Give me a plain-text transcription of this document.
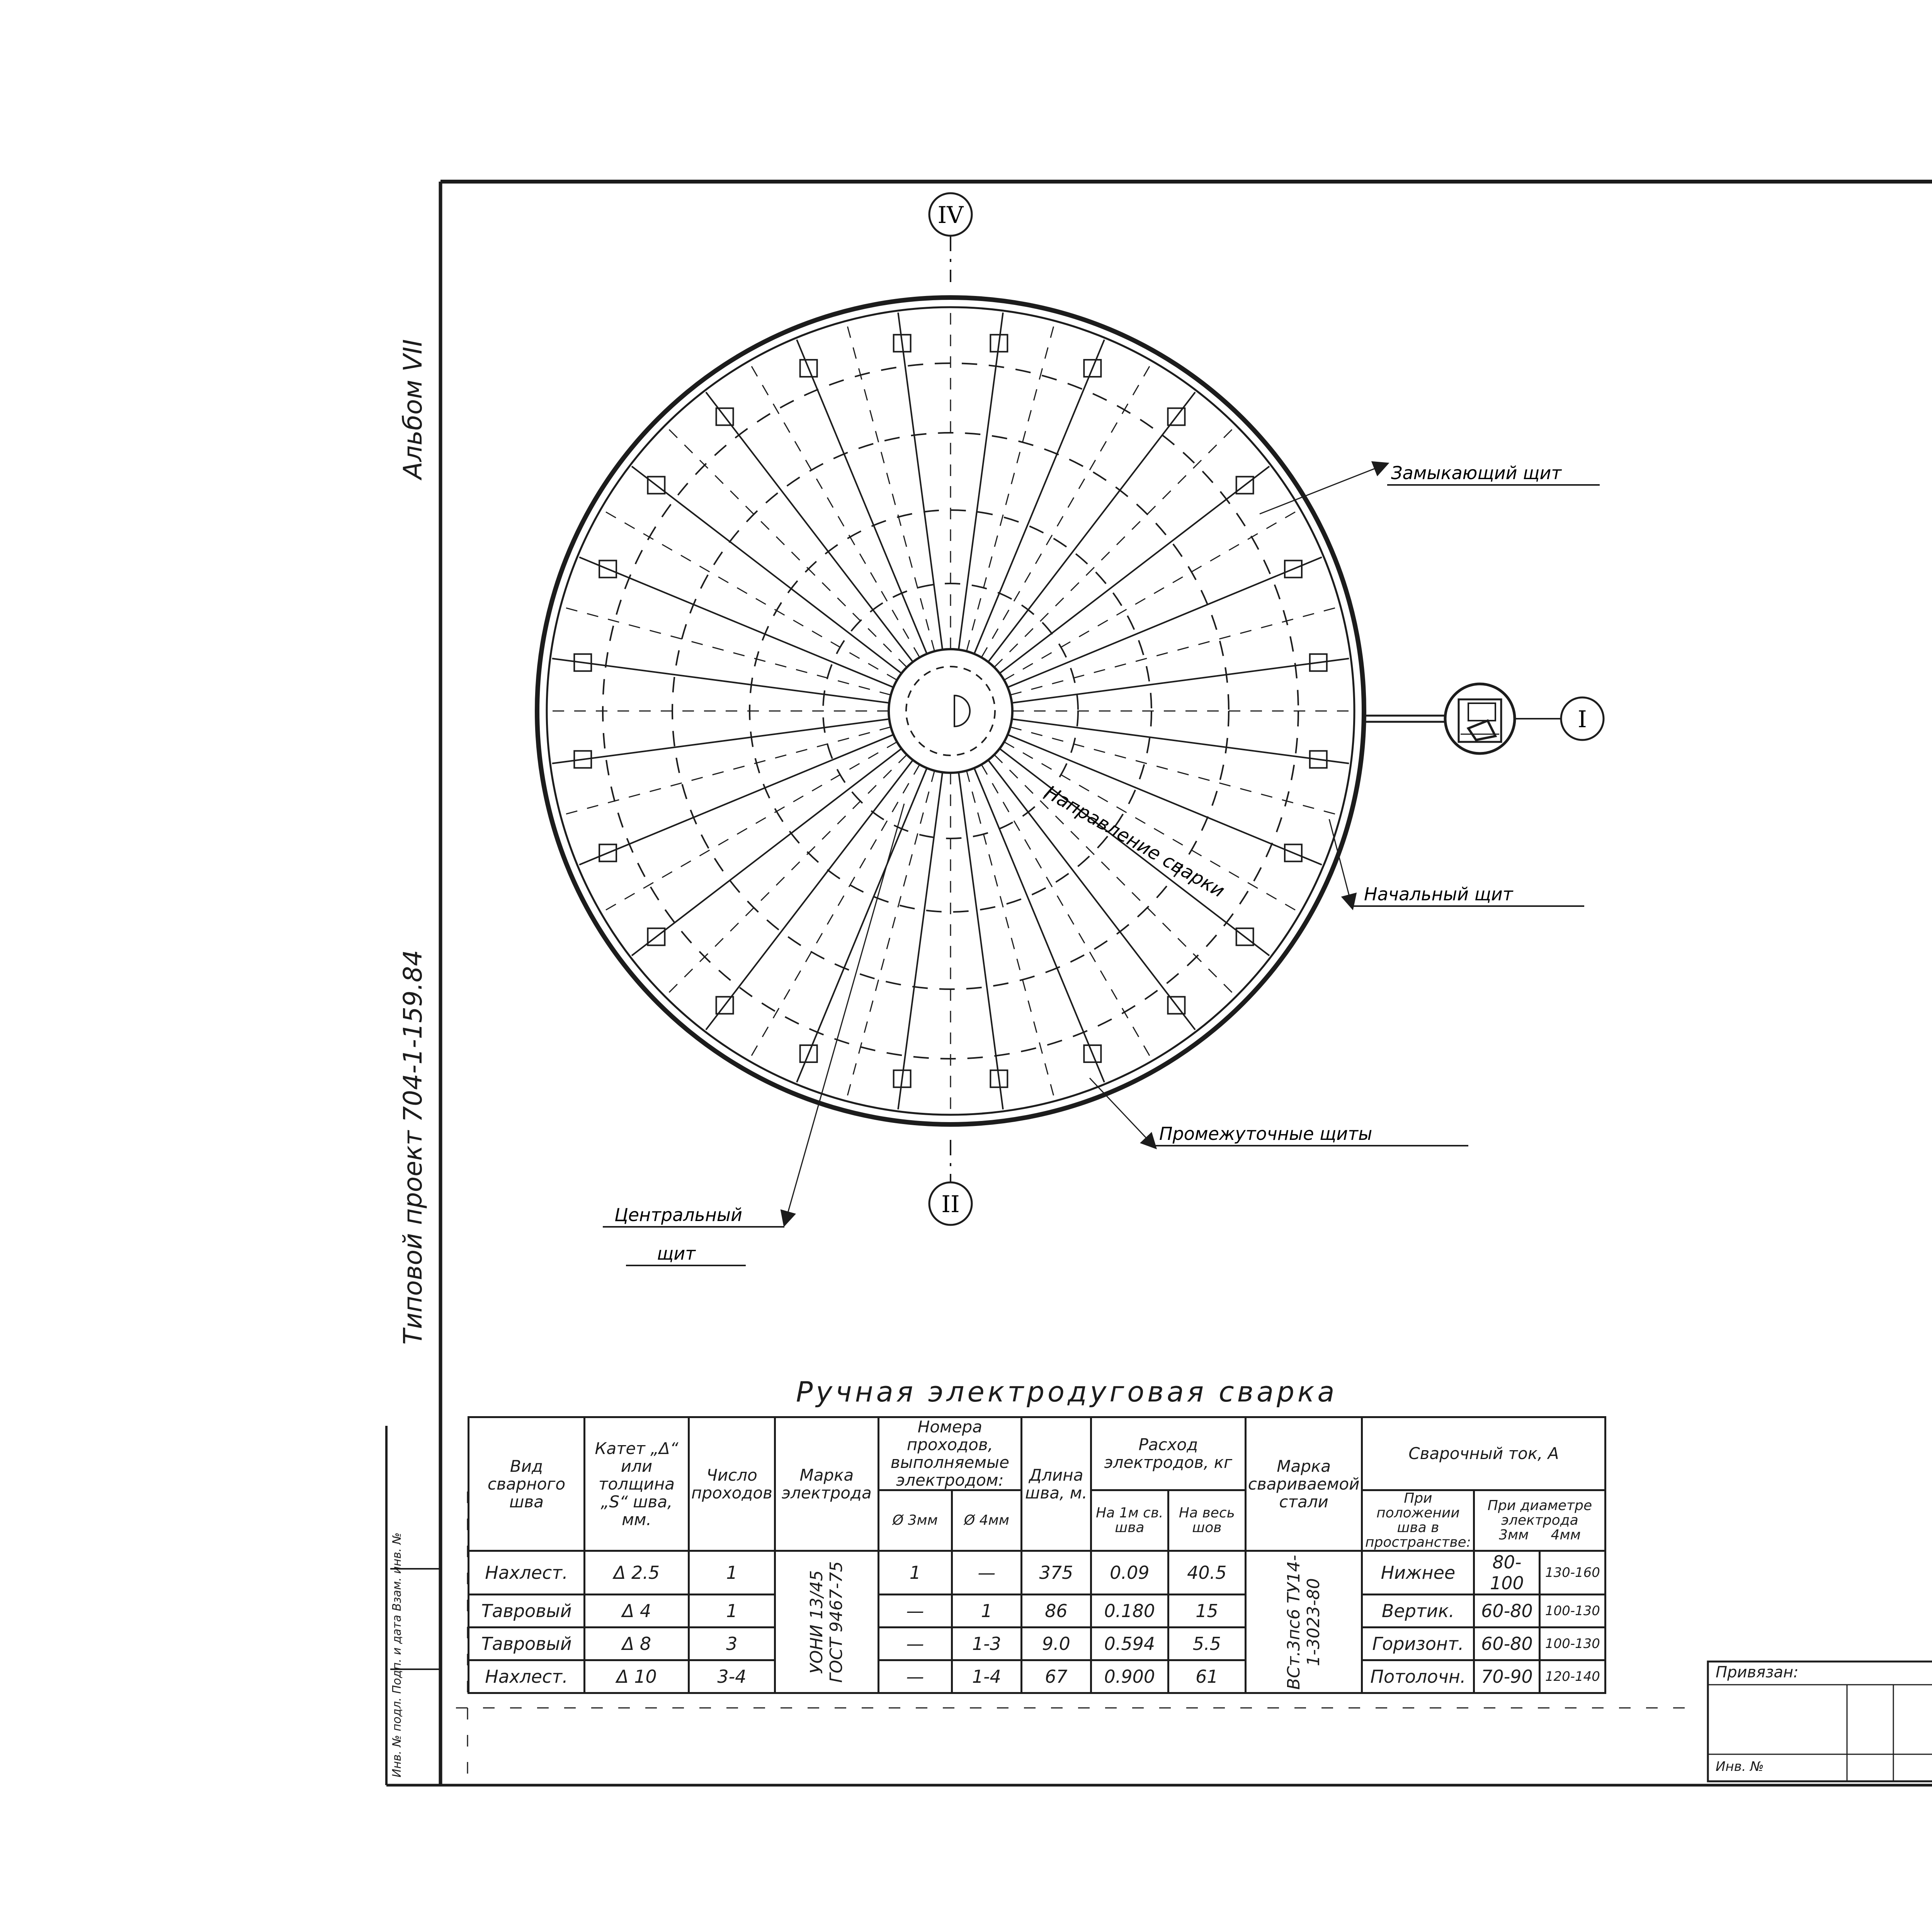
Альбом VII
Типовой проект 704-1-159.84
Инв. № подл. Подп. и дата Взам. инв. №
IV
II
I
Направление сварки
Замыкающий щит
Начальный щит
Промежуточные щиты
Центральный
щит
Ручная электродуговая сварка
Вид сварного шва	Катет „Δ“ или толщина „S“ шва, мм.	Число проходов	Марка электрода	Номера проходов, выполняемые электродом:		Длина шва, м.	Расход электродов, кг		Марка свариваемой стали	Сварочный ток, А		
				Ø 3мм	Ø 4мм		На 1м св. шва	На весь шов		При положении шва в пространстве:	При диаметре электрода
3мм 4мм	

Нахлест.	Δ 2.5	1	УОНИ 13/45 ГОСТ 9467-75	1	—	375	0.09	40.5	ВСт.3пс6 ТУ14-1-3023-80	Нижнее	80-100	130-160
Тавровый	Δ 4	1		—	1	86	0.180	15		Вертик.	60-80	100-130
Тавровый	Δ 8	3		—	1-3	9.0	0.594	5.5		Горизонт.	60-80	100-130
Нахлест.	Δ 10	3-4		—	1-4	67	0.900	61		Потолочн.	70-90	120-140	Привязан:
Инв. №
